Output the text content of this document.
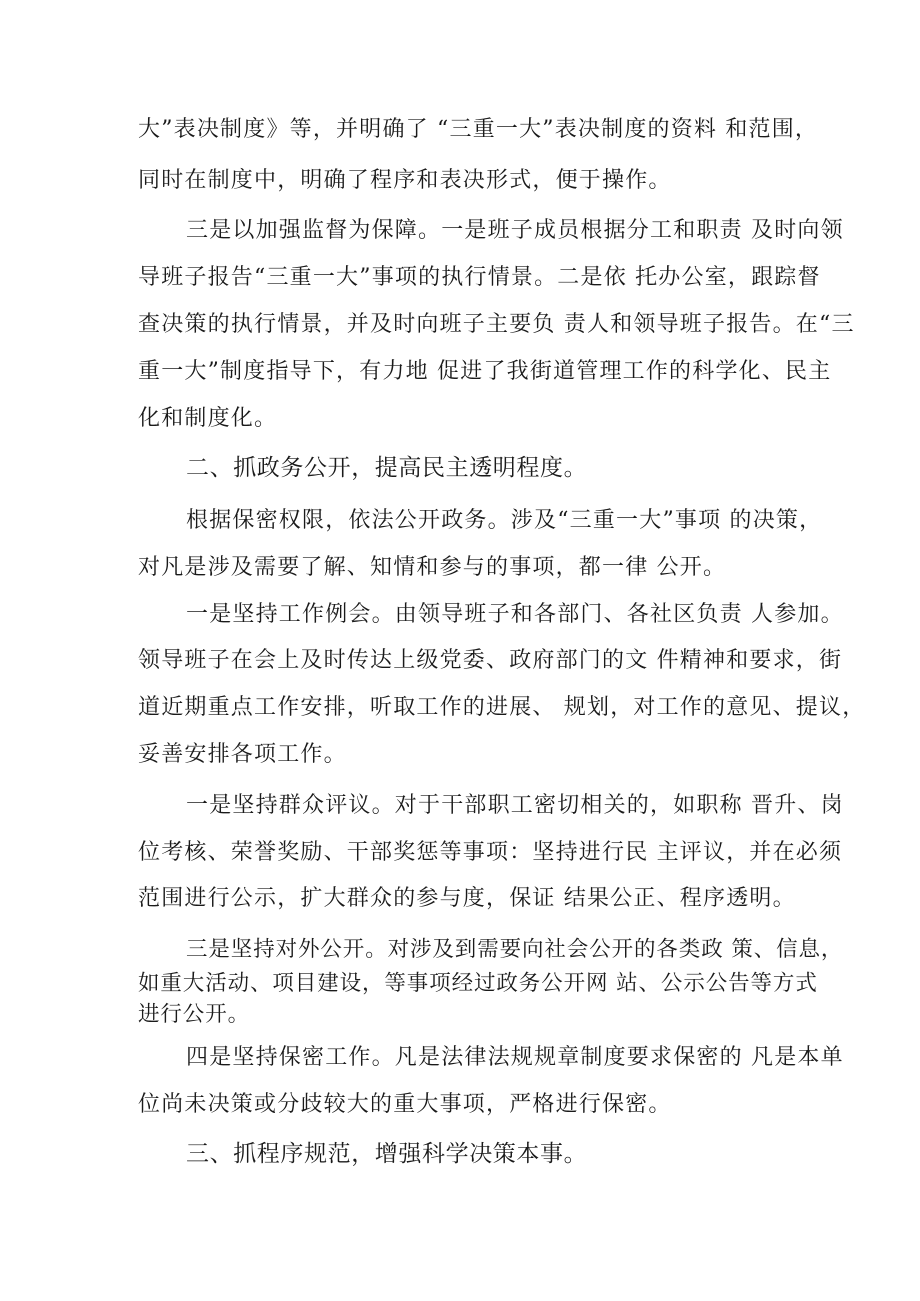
大”表决制度》等，并明确了 “三重一大”表决制度的资料 和范围，
同时在制度中，明确了程序和表决形式，便于操作。
三是以加强监督为保障。一是班子成员根据分工和职责 及时向领
导班子报告“三重一大”事项的执行情景。二是依 托办公室，跟踪督
查决策的执行情景，并及时向班子主要负 责人和领导班子报告。在“三
重一大”制度指导下，有力地 促进了我街道管理工作的科学化、民主
化和制度化。
二、抓政务公开，提高民主透明程度。
根据保密权限，依法公开政务。涉及“三重一大”事项 的决策，
对凡是涉及需要了解、知情和参与的事项，都一律 公开。
一是坚持工作例会。由领导班子和各部门、各社区负责 人参加。
领导班子在会上及时传达上级党委、政府部门的文 件精神和要求，街
道近期重点工作安排，听取工作的进展、 规划，对工作的意见、提议，
妥善安排各项工作。
一是坚持群众评议。对于干部职工密切相关的，如职称 晋升、岗
位考核、荣誉奖励、干部奖惩等事项：坚持进行民 主评议，并在必须
范围进行公示，扩大群众的参与度，保证 结果公正、程序透明。
三是坚持对外公开。对涉及到需要向社会公开的各类政 策、信息，
如重大活动、项目建设，等事项经过政务公开网 站、公示公告等方式
进行公开。
四是坚持保密工作。凡是法律法规规章制度要求保密的 凡是本单
位尚未决策或分歧较大的重大事项，严格进行保密。
三、抓程序规范，增强科学决策本事。
